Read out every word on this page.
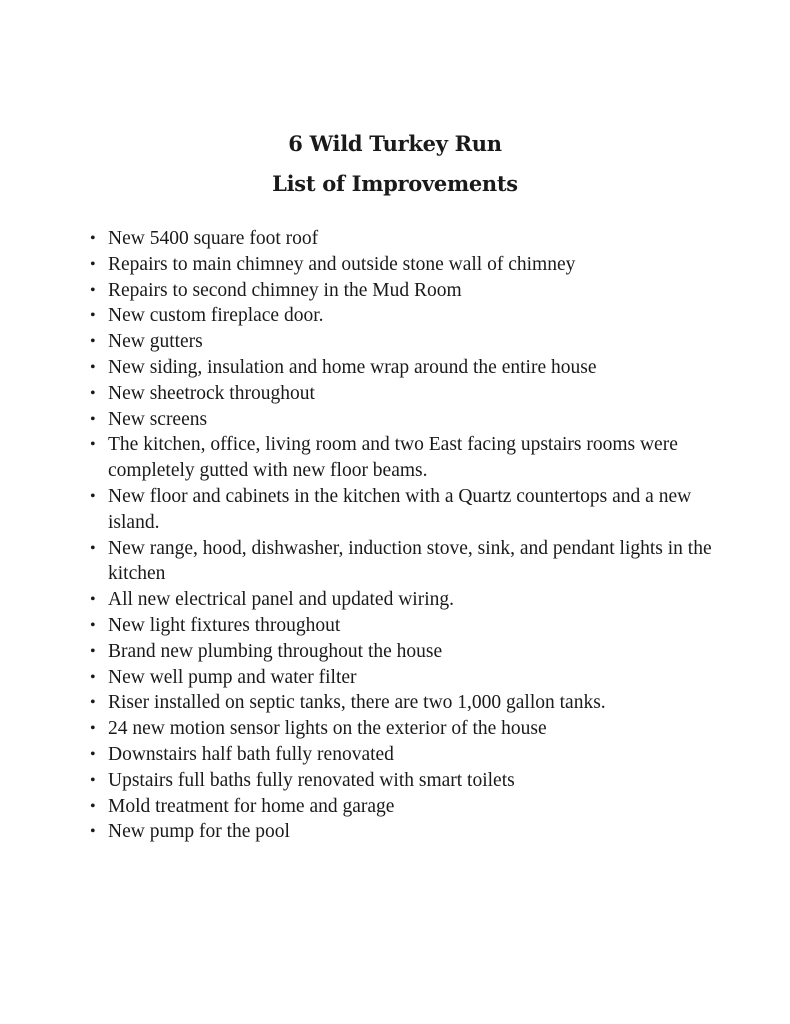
6 Wild Turkey Run
List of Improvements
• New 5400 square foot roof
• Repairs to main chimney and outside stone wall of chimney
• Repairs to second chimney in the Mud Room
• New custom fireplace door.
• New gutters
• New siding, insulation and home wrap around the entire house
• New sheetrock throughout
• New screens
• The kitchen, office, living room and two East facing upstairs rooms were completely gutted with new floor beams.
• New floor and cabinets in the kitchen with a Quartz countertops and a new island.
• New range, hood, dishwasher, induction stove, sink, and pendant lights in the kitchen
• All new electrical panel and updated wiring.
• New light fixtures throughout
• Brand new plumbing throughout the house
• New well pump and water filter
• Riser installed on septic tanks, there are two 1,000 gallon tanks.
• 24 new motion sensor lights on the exterior of the house
• Downstairs half bath fully renovated
• Upstairs full baths fully renovated with smart toilets
• Mold treatment for home and garage
• New pump for the pool
